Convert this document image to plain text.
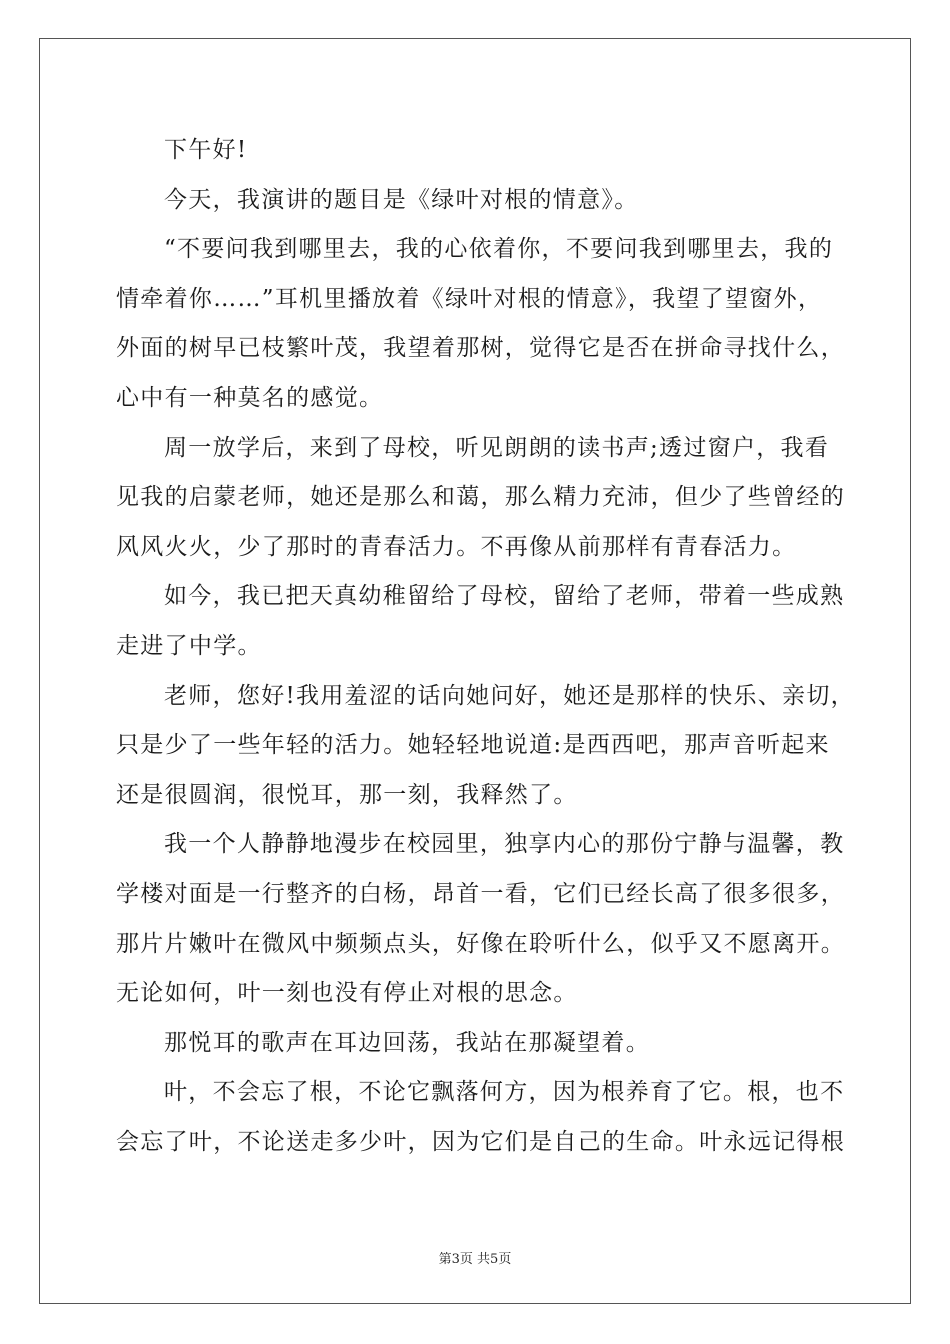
下午好!
今天，我演讲的题目是《绿叶对根的情意》。
“不要问我到哪里去，我的心依着你，不要问我到哪里去，我的
情牵着你……”耳机里播放着《绿叶对根的情意》，我望了望窗外，
外面的树早已枝繁叶茂，我望着那树，觉得它是否在拼命寻找什么，
心中有一种莫名的感觉。
周一放学后，来到了母校，听见朗朗的读书声;透过窗户，我看
见我的启蒙老师，她还是那么和蔼，那么精力充沛，但少了些曾经的
风风火火，少了那时的青春活力。不再像从前那样有青春活力。
如今，我已把天真幼稚留给了母校，留给了老师，带着一些成熟
走进了中学。
老师，您好!我用羞涩的话向她问好，她还是那样的快乐、亲切，
只是少了一些年轻的活力。她轻轻地说道:是西西吧，那声音听起来
还是很圆润，很悦耳，那一刻，我释然了。
我一个人静静地漫步在校园里，独享内心的那份宁静与温馨，教
学楼对面是一行整齐的白杨，昂首一看，它们已经长高了很多很多，
那片片嫩叶在微风中频频点头，好像在聆听什么，似乎又不愿离开。
无论如何，叶一刻也没有停止对根的思念。
那悦耳的歌声在耳边回荡，我站在那凝望着。
叶，不会忘了根，不论它飘落何方，因为根养育了它。根，也不
会忘了叶，不论送走多少叶，因为它们是自己的生命。叶永远记得根
第3页 共5页
